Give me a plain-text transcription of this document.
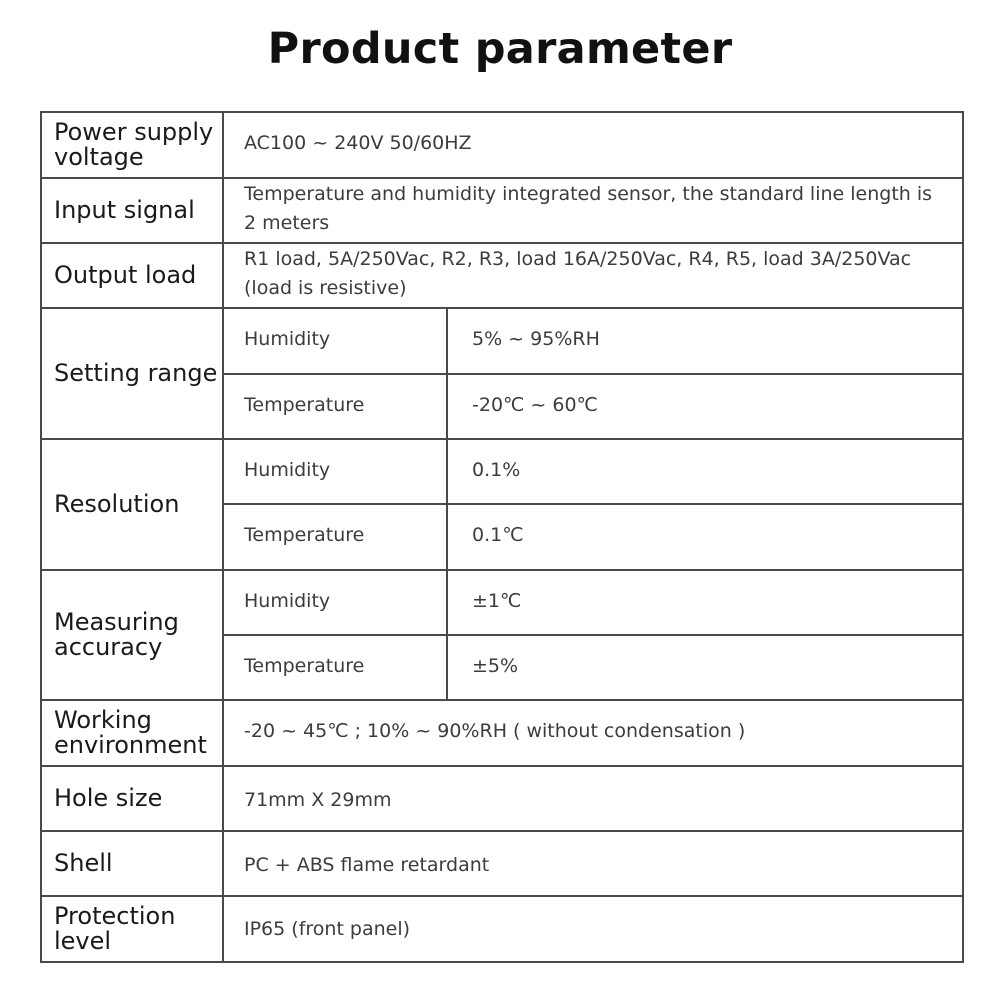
Product parameter
Power supply voltage	AC100 ~ 240V 50/60HZ	

Input signal	Temperature and humidity integrated sensor, the standard line length is 2 meters	

Output load	R1 load, 5A/250Vac, R2, R3, load 16A/250Vac, R4, R5, load 3A/250Vac (load is resistive)	

Setting range	Humidity	5% ~ 95%RH
	Temperature	-20℃ ~ 60℃
Resolution	Humidity	0.1%
	Temperature	0.1℃
Measuring accuracy	Humidity	±1℃
	Temperature	±5%
Working environment	-20 ~ 45℃ ; 10% ~ 90%RH ( without condensation )	

Hole size	71mm X 29mm	

Shell	PC + ABS flame retardant	

Protection level	IP65 (front panel)	
